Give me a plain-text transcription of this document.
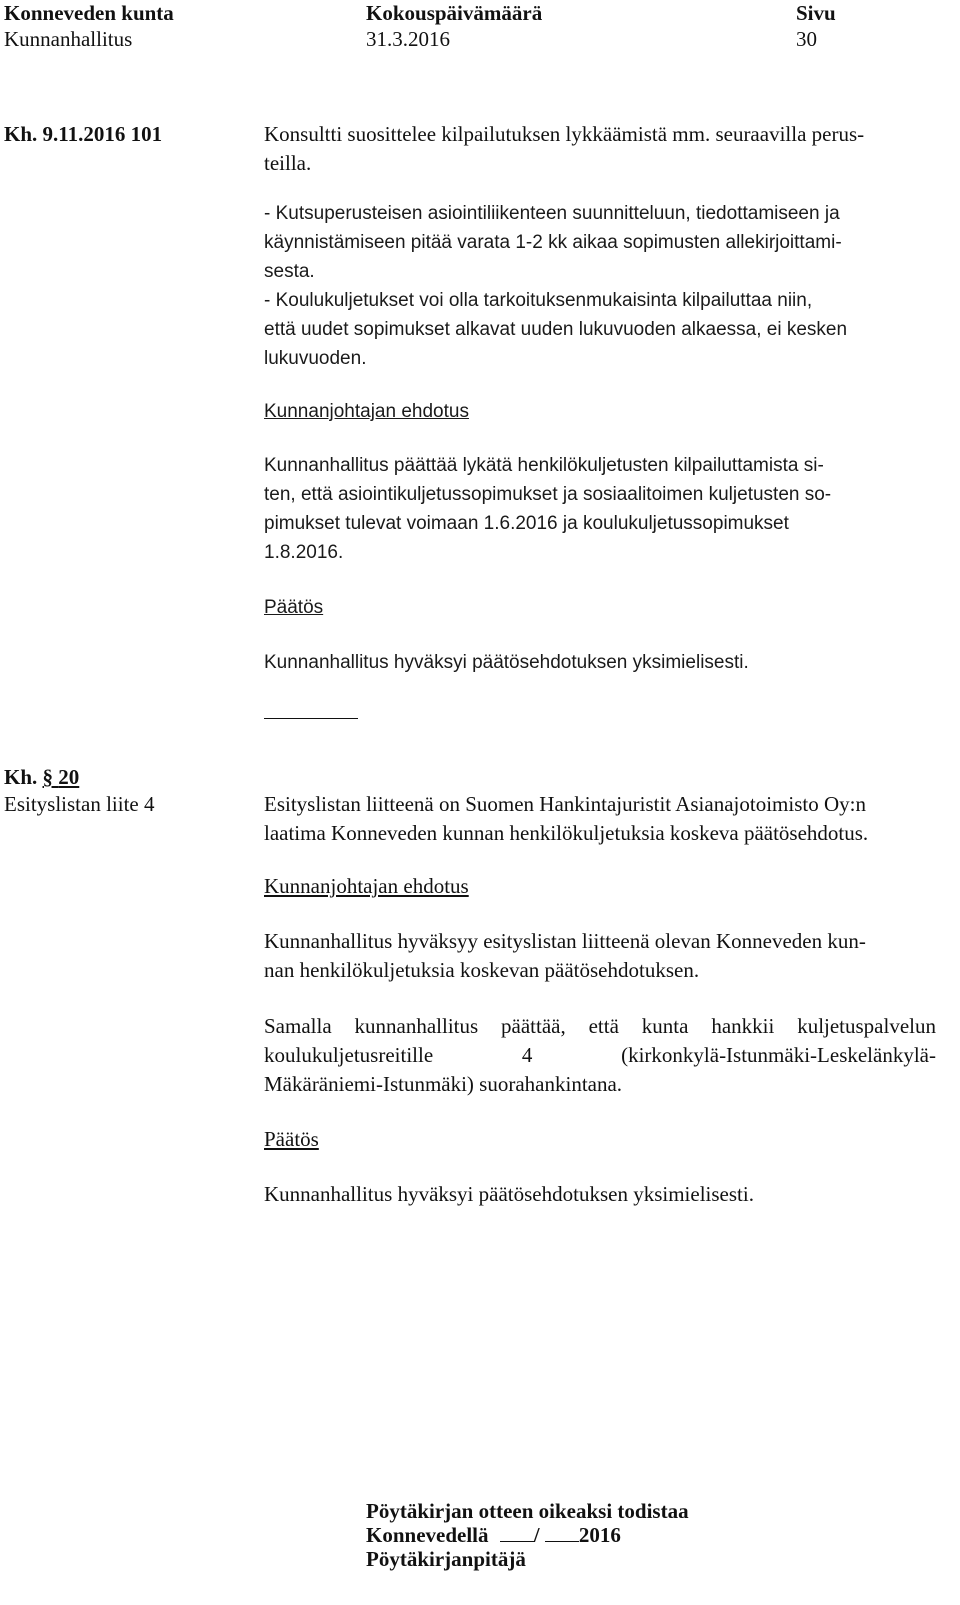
Konneveden kunta
Kunnanhallitus
Kokouspäivämäärä
31.3.2016
Sivu
30
Kh. 9.11.2016 101	Konsultti suosittelee kilpailutuksen lykkäämistä mm. seuraavilla perus-
teilla.
- Kutsuperusteisen asiointiliikenteen suunnitteluun, tiedottamiseen ja
käynnistämiseen pitää varata 1-2 kk aikaa sopimusten allekirjoittami-
sesta.
- Koulukuljetukset voi olla tarkoituksenmukaisinta kilpailuttaa niin,
että uudet sopimukset alkavat uuden lukuvuoden alkaessa, ei kesken
lukuvuoden.
Kunnanjohtajan ehdotus
Kunnanhallitus päättää lykätä henkilökuljetusten kilpailuttamista si-
ten, että asiointikuljetussopimukset ja sosiaalitoimen kuljetusten so-
pimukset tulevat voimaan 1.6.2016 ja koulukuljetussopimukset
1.8.2016.
Päätös
Kunnanhallitus hyväksyi päätösehdotuksen yksimielisesti.
Kh. § 20
Esityslistan liite 4	Esityslistan liitteenä on Suomen Hankintajuristit Asianajotoimisto Oy:n
laatima Konneveden kunnan henkilökuljetuksia koskeva päätösehdotus.
Kunnanjohtajan ehdotus
Kunnanhallitus hyväksyy esityslistan liitteenä olevan Konneveden kun-
nan henkilökuljetuksia koskevan päätösehdotuksen.
Samalla kunnanhallitus päättää, että kunta hankkii kuljetuspalvelun
koulukuljetusreitille 4 (kirkonkylä-Istunmäki-Leskelänkylä-
Mäkäräniemi-Istunmäki) suorahankintana.
Päätös
Kunnanhallitus hyväksyi päätösehdotuksen yksimielisesti.
Pöytäkirjan otteen oikeaksi todistaa
Konnevedellä / 2016
Pöytäkirjanpitäjä
